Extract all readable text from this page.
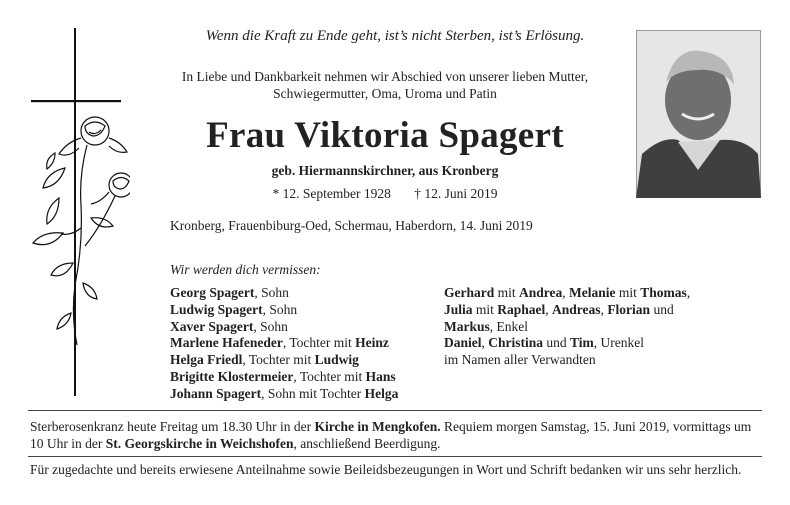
Wenn die Kraft zu Ende geht, ist’s nicht Sterben, ist’s Erlösung.
In Liebe und Dankbarkeit nehmen wir Abschied von unserer lieben Mutter,
Schwiegermutter, Oma, Uroma und Patin
Frau Viktoria Spagert
geb. Hiermannskirchner, aus Kronberg
* 12. September 1928 † 12. Juni 2019
Kronberg, Frauenbiburg-Oed, Schermau, Haberdorn, 14. Juni 2019
Wir werden dich vermissen:
Georg Spagert, Sohn
Ludwig Spagert, Sohn
Xaver Spagert, Sohn
Marlene Hafeneder, Tochter mit Heinz
Helga Friedl, Tochter mit Ludwig
Brigitte Klostermeier, Tochter mit Hans
Johann Spagert, Sohn mit Tochter Helga
Gerhard mit Andrea, Melanie mit Thomas,
Julia mit Raphael, Andreas, Florian und
Markus, Enkel
Daniel, Christina und Tim, Urenkel
im Namen aller Verwandten
Sterberosenkranz heute Freitag um 18.30 Uhr in der Kirche in Mengkofen. Requiem morgen Samstag, 15. Juni 2019, vormittags um 10 Uhr in der St. Georgskirche in Weichshofen, anschließend Beerdigung.
Für zugedachte und bereits erwiesene Anteilnahme sowie Beileidsbezeugungen in Wort und Schrift bedanken wir uns sehr herzlich.
